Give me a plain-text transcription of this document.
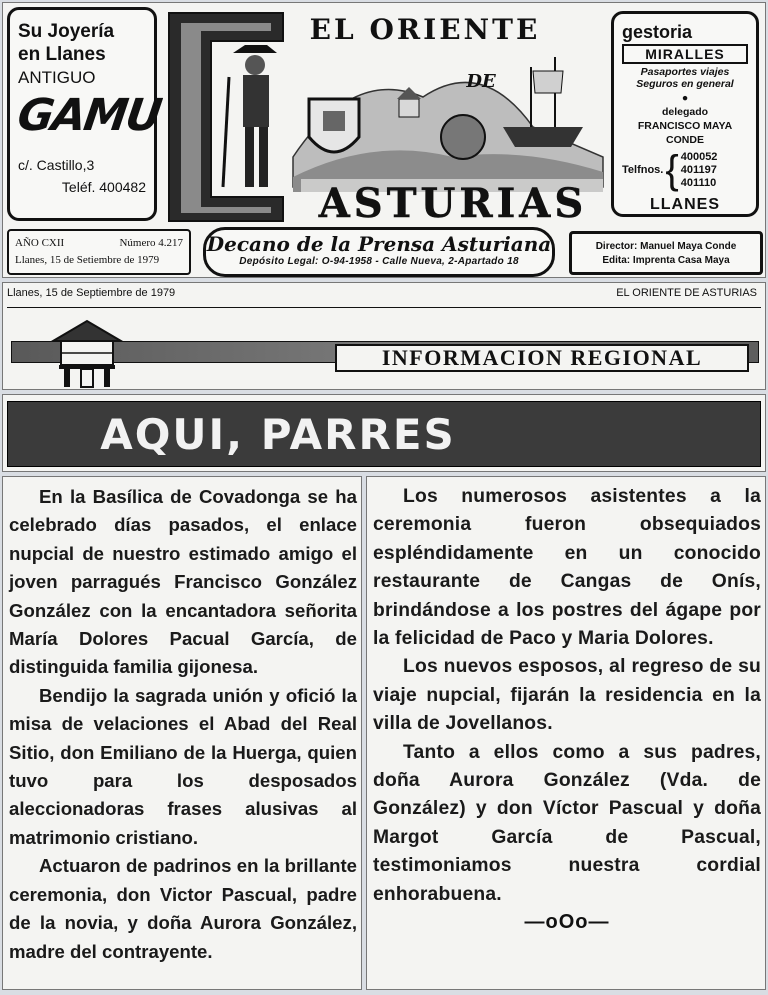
Su Joyería
en Llanes
ANTIGUO
GAMU
c/. Castillo,3
Teléf. 400482
EL ORIENTE
DE
ASTURIAS
gestoria
MIRALLES
Pasaportes viajes
Seguros en general
●
delegado
FRANCISCO MAYA
CONDE
Telfnos. { 400052
401197
401110
LLANES
AÑO CXII	Número 4.217
Llanes, 15 de Setiembre de 1979
Decano de la Prensa Asturiana
Depósito Legal: O-94-1958 - Calle Nueva, 2-Apartado 18
Director: Manuel Maya Conde
Edita: Imprenta Casa Maya
Llanes, 15 de Septiembre de 1979	EL ORIENTE DE ASTURIAS
INFORMACION REGIONAL
AQUI, PARRES

En la Basílica de Covadonga se ha celebrado días pasados, el enlace nupcial de nuestro estimado amigo el joven parragués Francisco González González con la encantadora señorita María Dolores Pacual García, de distinguida familia gijonesa.

Bendijo la sagrada unión y ofició la misa de velaciones el Abad del Real Sitio, don Emiliano de la Huerga, quien tuvo para los desposados aleccionadoras frases alusivas al matrimonio cristiano.

Actuaron de padrinos en la brillante ceremonia, don Victor Pascual, padre de la novia, y doña Aurora González, madre del contrayente.

Los numerosos asistentes a la ceremonia fueron obsequiados espléndidamente en un conocido restaurante de Cangas de Onís, brindándose a los postres del ágape por la felicidad de Paco y Maria Dolores.

Los nuevos esposos, al regreso de su viaje nupcial, fijarán la residencia en la villa de Jovellanos.

Tanto a ellos como a sus padres, doña Aurora González (Vda. de González) y don Víctor Pascual y doña Margot García de Pascual, testimoniamos nuestra cordial enhorabuena.

—oOo—
